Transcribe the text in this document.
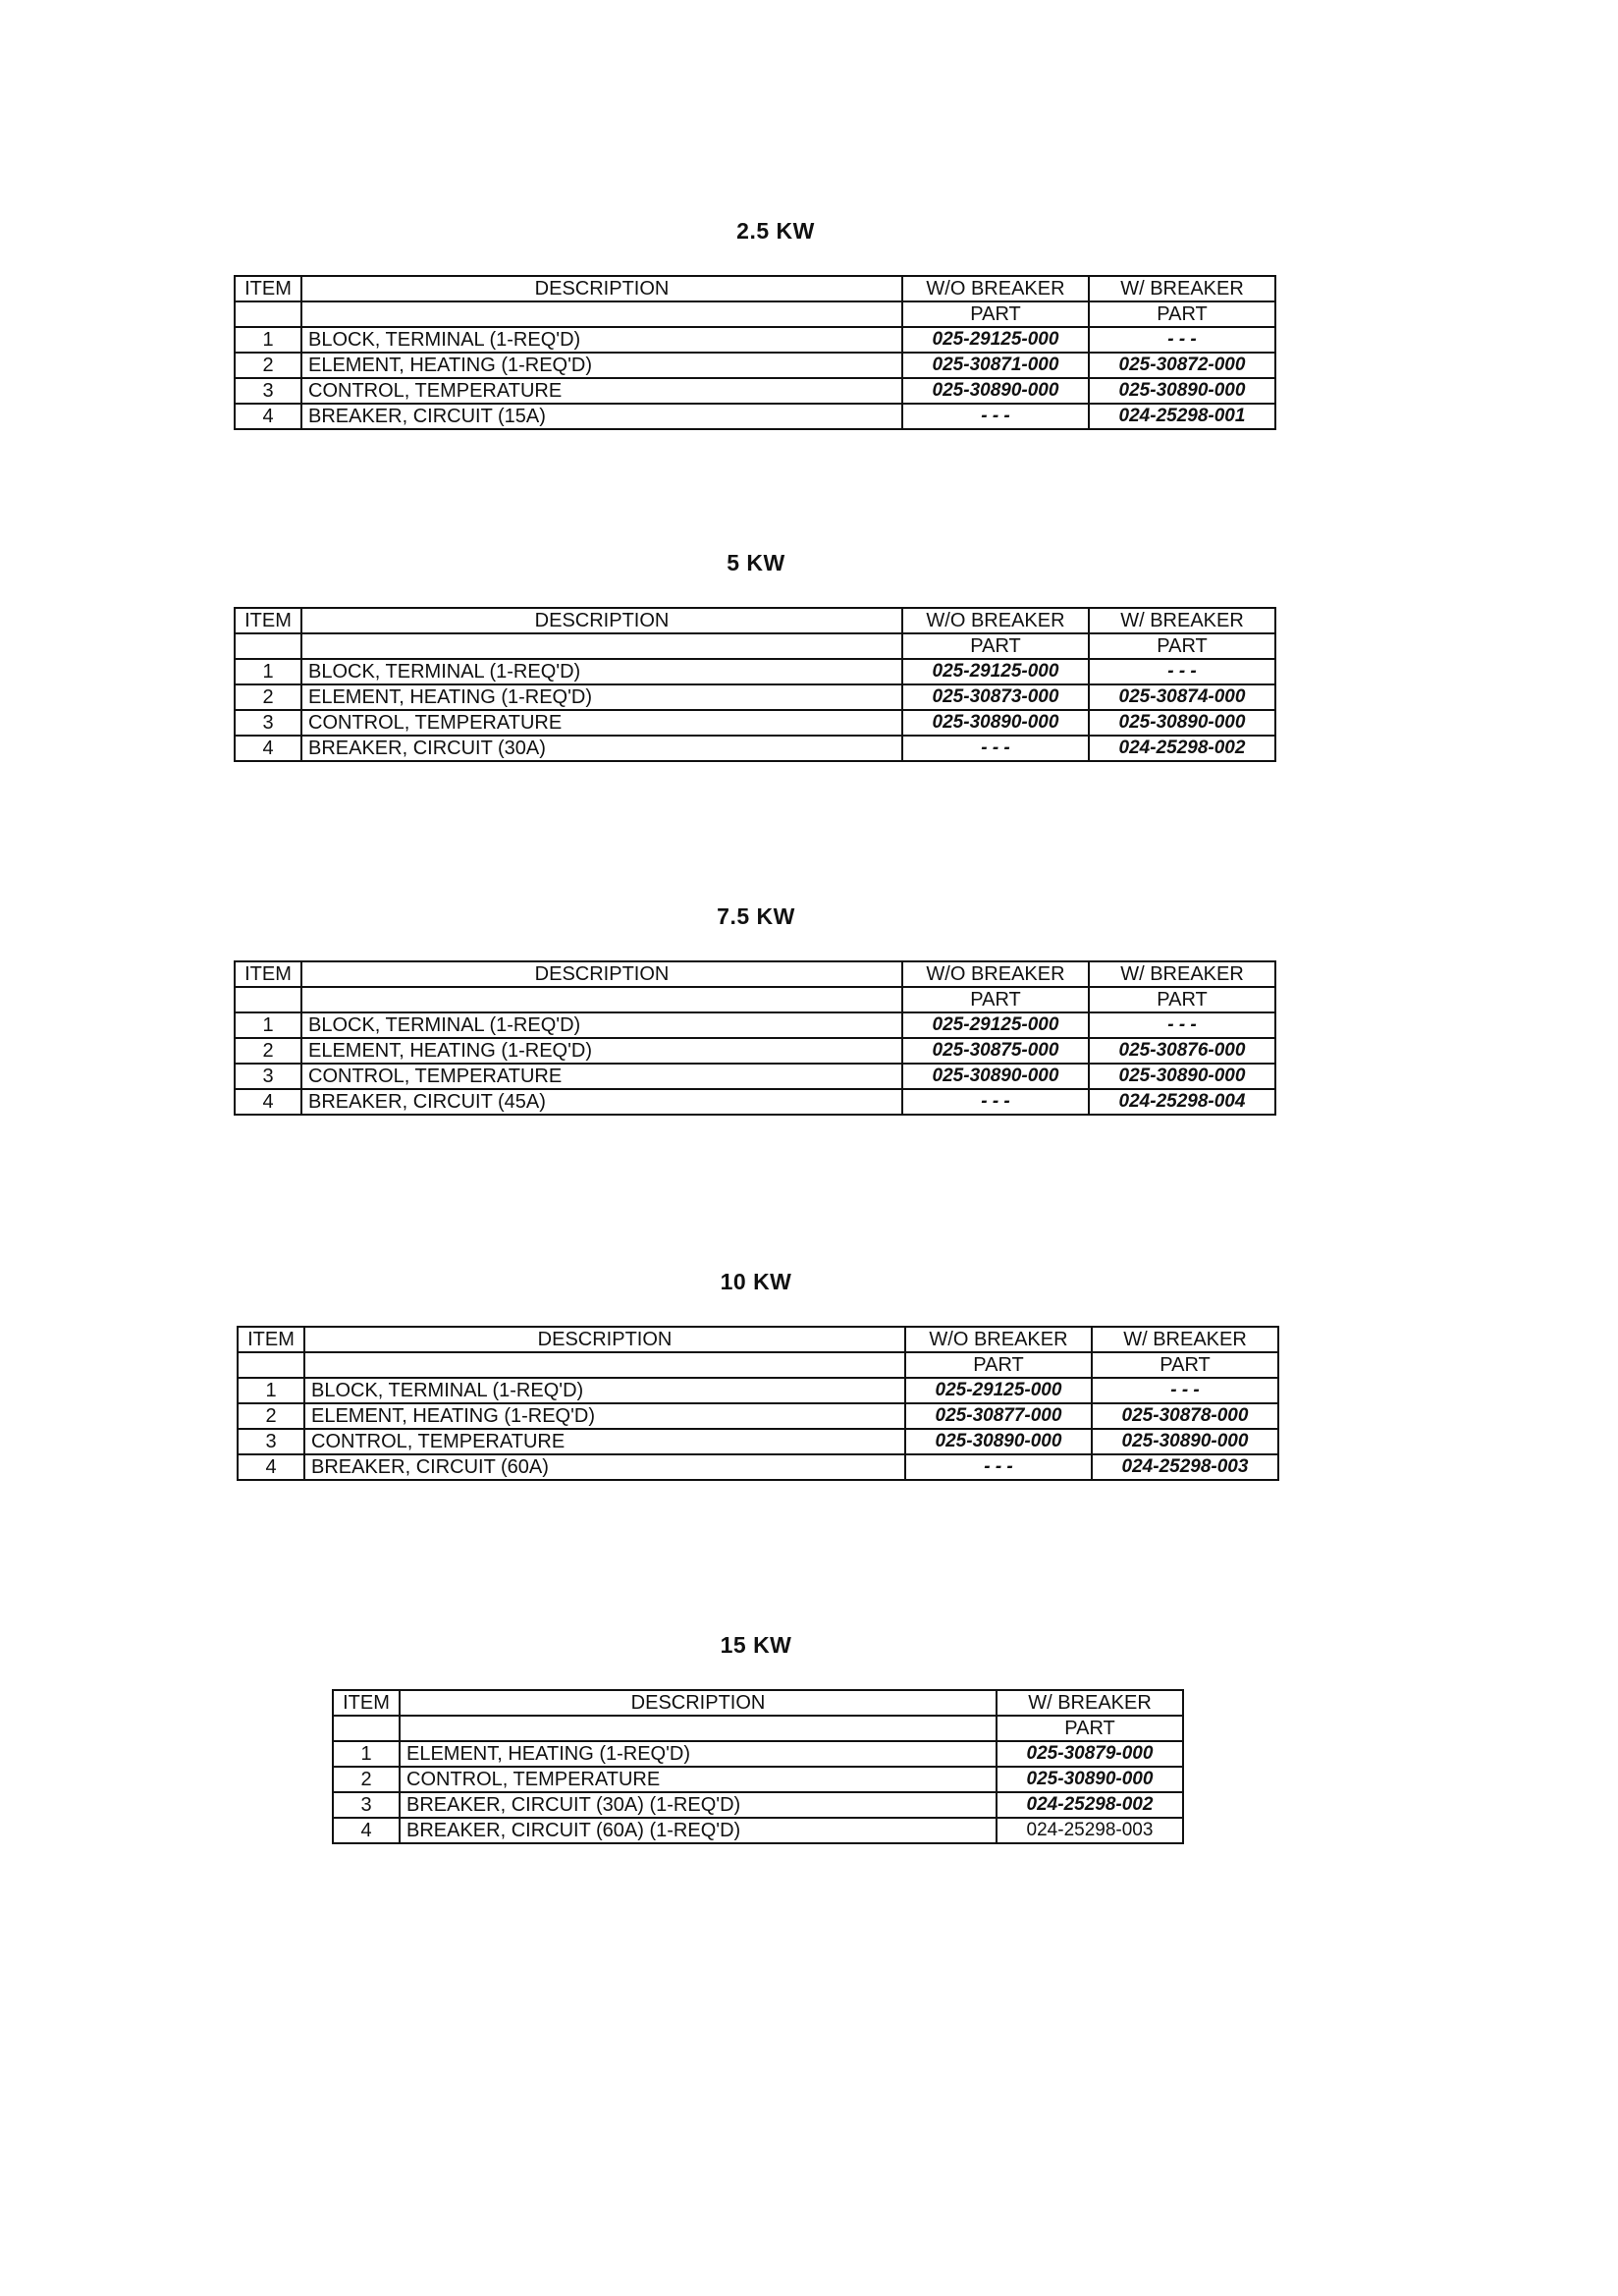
2.5 KW
ITEM	DESCRIPTION	W/O BREAKER	W/ BREAKER
		PART	PART
1	BLOCK, TERMINAL (1-REQ'D)	025-29125-000	- - -
2	ELEMENT, HEATING (1-REQ'D)	025-30871-000	025-30872-000
3	CONTROL, TEMPERATURE	025-30890-000	025-30890-000
4	BREAKER, CIRCUIT (15A)	- - -	024-25298-001
5 KW
ITEM	DESCRIPTION	W/O BREAKER	W/ BREAKER
		PART	PART
1	BLOCK, TERMINAL (1-REQ'D)	025-29125-000	- - -
2	ELEMENT, HEATING (1-REQ'D)	025-30873-000	025-30874-000
3	CONTROL, TEMPERATURE	025-30890-000	025-30890-000
4	BREAKER, CIRCUIT (30A)	- - -	024-25298-002
7.5 KW
ITEM	DESCRIPTION	W/O BREAKER	W/ BREAKER
		PART	PART
1	BLOCK, TERMINAL (1-REQ'D)	025-29125-000	- - -
2	ELEMENT, HEATING (1-REQ'D)	025-30875-000	025-30876-000
3	CONTROL, TEMPERATURE	025-30890-000	025-30890-000
4	BREAKER, CIRCUIT (45A)	- - -	024-25298-004
10 KW
ITEM	DESCRIPTION	W/O BREAKER	W/ BREAKER
		PART	PART
1	BLOCK, TERMINAL (1-REQ'D)	025-29125-000	- - -
2	ELEMENT, HEATING (1-REQ'D)	025-30877-000	025-30878-000
3	CONTROL, TEMPERATURE	025-30890-000	025-30890-000
4	BREAKER, CIRCUIT (60A)	- - -	024-25298-003
15 KW
ITEM	DESCRIPTION	W/ BREAKER
		PART
1	ELEMENT, HEATING (1-REQ'D)	025-30879-000
2	CONTROL, TEMPERATURE	025-30890-000
3	BREAKER, CIRCUIT (30A) (1-REQ'D)	024-25298-002
4	BREAKER, CIRCUIT (60A) (1-REQ'D)	024-25298-003
